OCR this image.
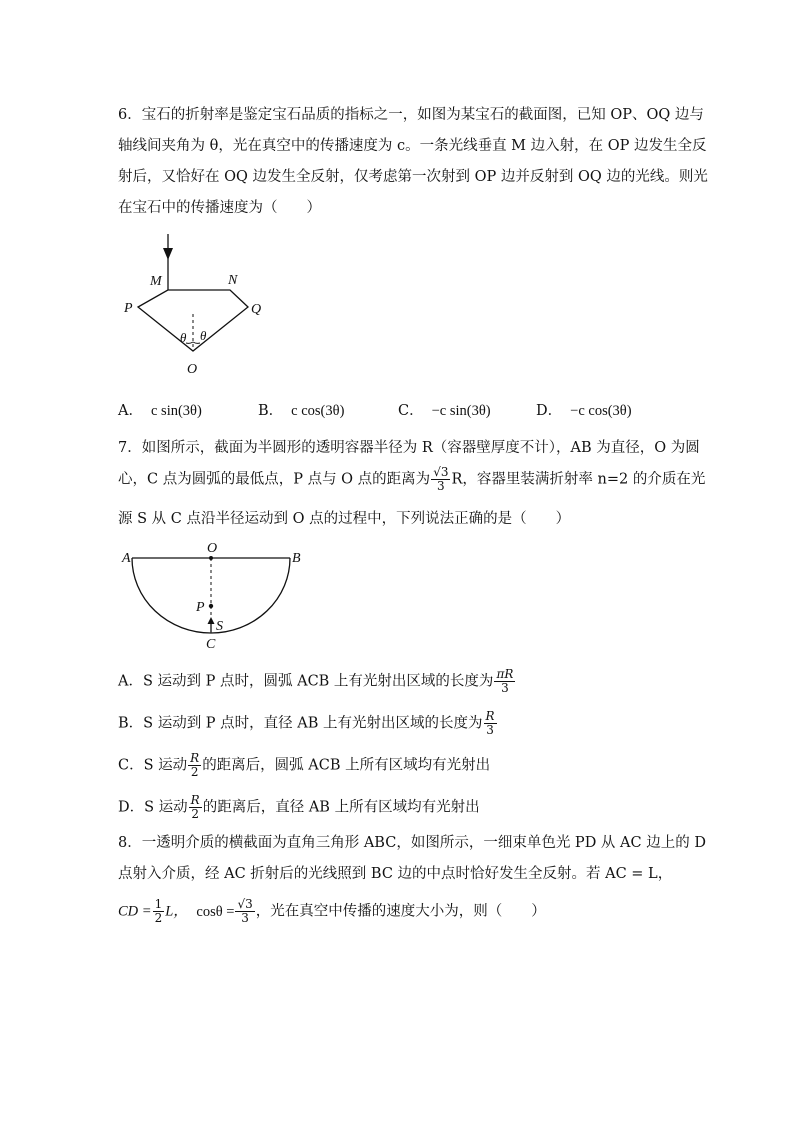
6．宝石的折射率是鉴定宝石品质的指标之一，如图为某宝石的截面图，已知 OP、OQ 边与
轴线间夹角为 θ，光在真空中的传播速度为 c。一条光线垂直 M 边入射，在 OP 边发生全反
射后，又恰好在 OQ 边发生全反射，仅考虑第一次射到 OP 边并反射到 OQ 边的光线。则光
在宝石中的传播速度为（　　）
M	N
P	Q
θ θ
O
A． c sin(3θ)	B． c cos(3θ)	C． −c sin(3θ)	D． −c cos(3θ)
7．如图所示，截面为半圆形的透明容器半径为 R（容器壁厚度不计），AB 为直径，O 为圆
心，C 点为圆弧的最低点，P 点与 O 点的距离为 $\frac{√3}{3}$ R，容器里装满折射率 n=2 的介质在光
源 S 从 C 点沿半径运动到 O 点的过程中，下列说法正确的是（　　）
A
O
B
P
S
C
A．S 运动到 P 点时，圆弧 ACB 上有光射出区域的长度为 $\frac{\pi R}{3}$
B．S 运动到 P 点时，直径 AB 上有光射出区域的长度为 $\frac{R}{3}$
C．S 运动 $\frac{R}{2}$ 的距离后，圆弧 ACB 上所有区域均有光射出
D．S 运动 $\frac{R}{2}$ 的距离后，直径 AB 上所有区域均有光射出
8．一透明介质的横截面为直角三角形 ABC，如图所示，一细束单色光 PD 从 AC 边上的 D
点射入介质，经 AC 折射后的光线照到 BC 边的中点时恰好发生全反射。若 AC = L，
CD = $\frac{1}{2}$ L， $\cos\theta = \frac{√3}{3}$ ，光在真空中传播的速度大小为，则（　　）
